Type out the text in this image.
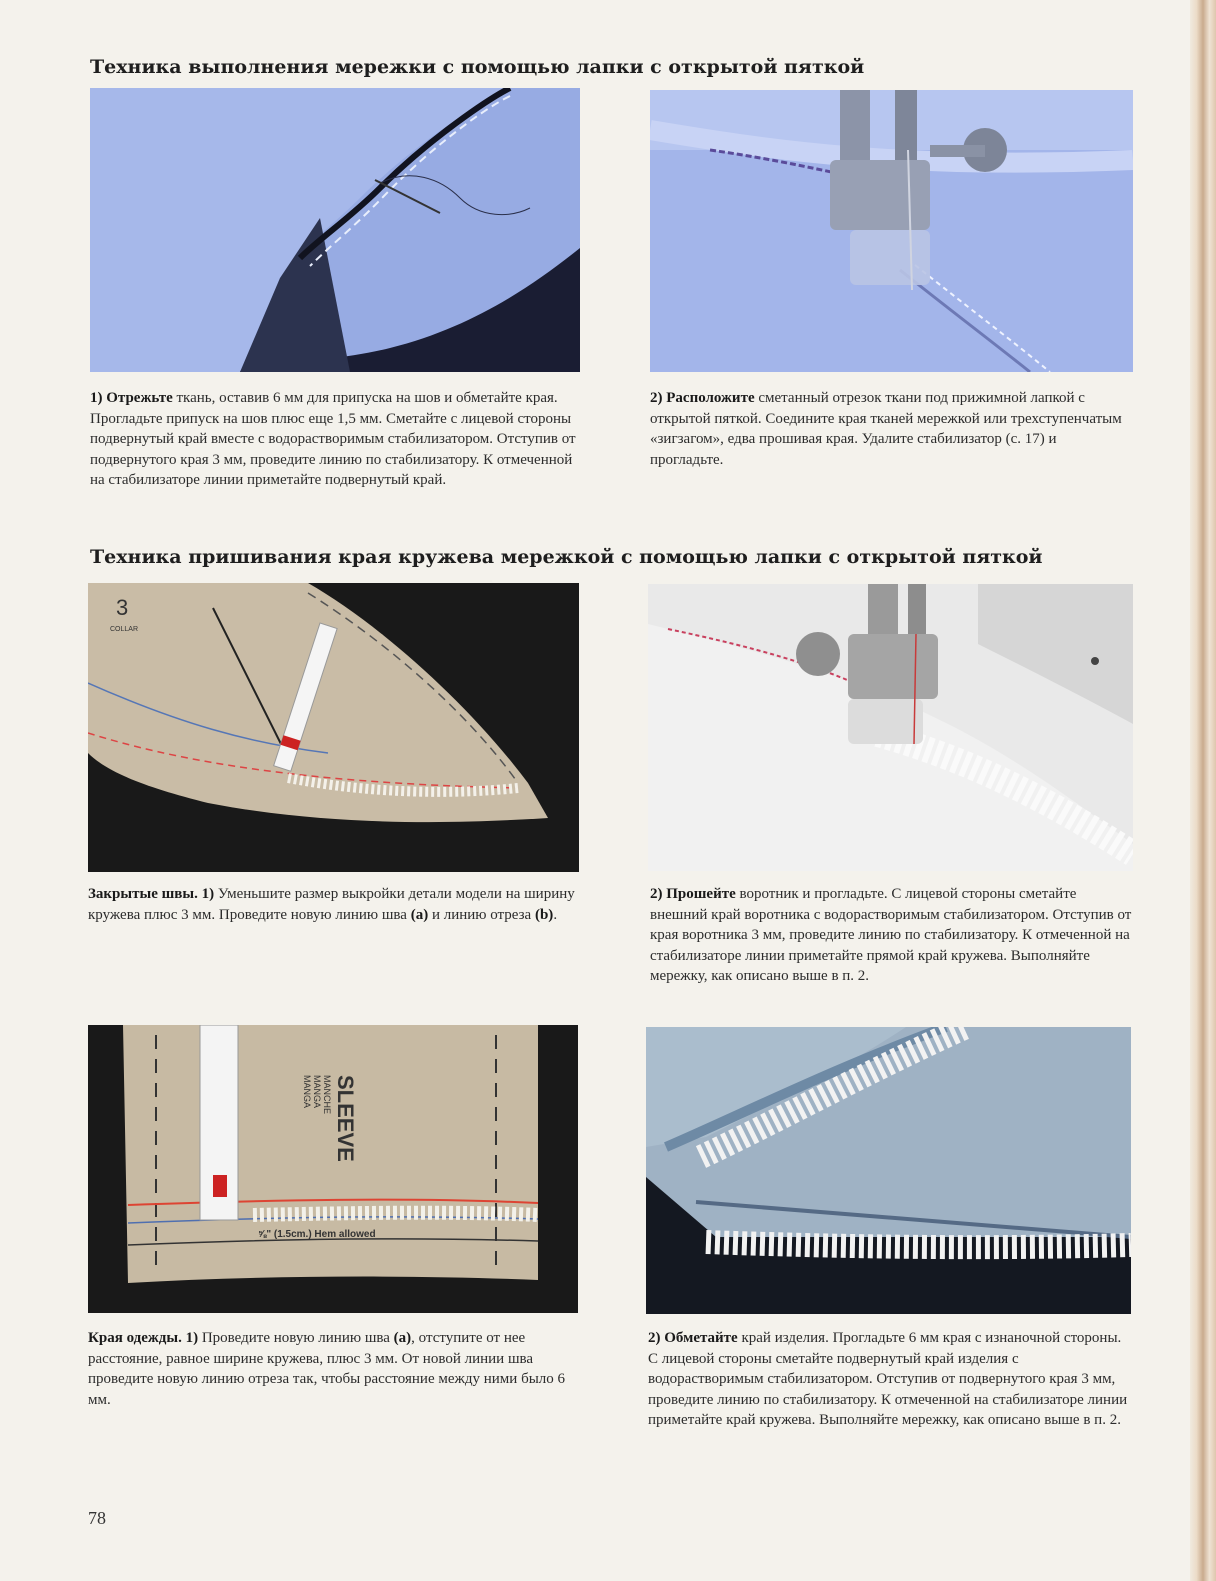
Техника выполнения мережки с помощью лапки с открытой пяткой
1) Отрежьте ткань, оставив 6 мм для припуска на шов и обметайте края. Прогладьте припуск на шов плюс еще 1,5 мм. Сметайте с лицевой стороны подвернутый край вместе с водорастворимым стабилизатором. Отступив от подвернутого края 3 мм, проведите линию по стабилизатору. К отмеченной на стабилизаторе линии приметайте подвернутый край.
2) Расположите сметанный отрезок ткани под прижимной лапкой с открытой пяткой. Соедините края тканей мережкой или трехступенчатым «зигзагом», едва прошивая края. Удалите стабилизатор (с. 17) и прогладьте.
Техника пришивания края кружева мережкой с помощью лапки с открытой пяткой
3
COLLAR
Закрытые швы. 1) Уменьшите размер выкройки детали модели на ширину кружева плюс 3 мм. Проведите новую линию шва (a) и линию отреза (b).
2) Прошейте воротник и прогладьте. С лицевой стороны сметайте внешний край воротника с водорастворимым стабилизатором. Отступив от края воротника 3 мм, проведите линию по стабилизатору. К отмеченной на стабилизаторе линии приметайте прямой край кружева. Выполняйте мережку, как описано выше в п. 2.
SLEEVE
MANCHE
MANGA
MANGA
⅝" (1.5cm.) Hem allowed
Края одежды. 1) Проведите новую линию шва (a), отступите от нее расстояние, равное ширине кружева, плюс 3 мм. От новой линии шва проведите новую линию отреза так, чтобы расстояние между ними было 6 мм.
2) Обметайте край изделия. Прогладьте 6 мм края с изнаночной стороны. С лицевой стороны сметайте подвернутый край изделия с водорастворимым стабилизатором. Отступив от подвернутого края 3 мм, проведите линию по стабилизатору. К отмеченной на стабилизаторе линии приметайте край кружева. Выполняйте мережку, как описано выше в п. 2.
78
